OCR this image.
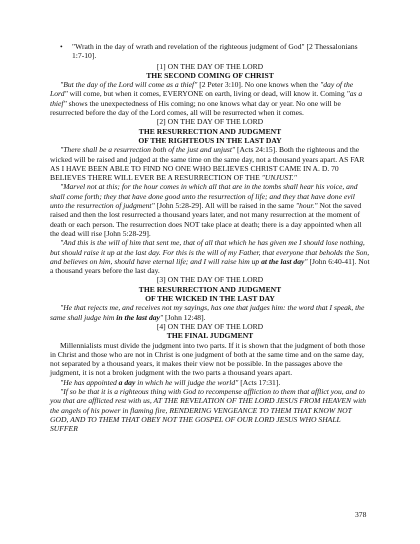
• "Wrath in the day of wrath and revelation of the righteous judgment of God" [2 Thessalonians 1:7-10].
[1] ON THE DAY OF THE LORD
THE SECOND COMING OF CHRIST

"But the day of the Lord will come as a thief" [2 Peter 3:10]. No one knows when the "day of the Lord" will come, but when it comes, EVERYONE on earth, living or dead, will know it. Coming "as a thief" shows the unexpectedness of His coming; no one knows what day or year. No one will be resurrected before the day of the Lord comes, all will be resurrected when it comes.

[2] ON THE DAY OF THE LORD
THE RESURRECTION AND JUDGMENT
OF THE RIGHTEOUS IN THE LAST DAY

"There shall be a resurrection both of the just and unjust" [Acts 24:15]. Both the righteous and the wicked will be raised and judged at the same time on the same day, not a thousand years apart. AS FAR AS I HAVE BEEN ABLE TO FIND NO ONE WHO BELIEVES CHRIST CAME IN A. D. 70 BELIEVES THERE WILL EVER BE A RESURRECTION OF THE "UNJUST."

"Marvel not at this; for the hour comes in which all that are in the tombs shall hear his voice, and shall come forth; they that have done good unto the resurrection of life; and they that have done evil unto the resurrection of judgment" [John 5:28-29]. All will be raised in the same "hour." Not the saved raised and then the lost resurrected a thousand years later, and not many resurrection at the moment of death or each person. The resurrection does NOT take place at death; there is a day appointed when all the dead will rise [John 5:28-29].

"And this is the will of him that sent me, that of all that which he has given me I should lose nothing, but should raise it up at the last day. For this is the will of my Father, that everyone that beholds the Son, and believes on him, should have eternal life; and I will raise him up at the last day" [John 6:40-41]. Not a thousand years before the last day.

[3] ON THE DAY OF THE LORD
THE RESURRECTION AND JUDGMENT
OF THE WICKED IN THE LAST DAY

"He that rejects me, and receives not my sayings, has one that judges him: the word that I speak, the same shall judge him in the last day" [John 12:48].

[4] ON THE DAY OF THE LORD
THE FINAL JUDGMENT

Millennialists must divide the judgment into two parts. If it is shown that the judgment of both those in Christ and those who are not in Christ is one judgment of both at the same time and on the same day, not separated by a thousand years, it makes their view not be possible. In the passages above the judgment, it is not a broken judgment with the two parts a thousand years apart.

"He has appointed a day in which he will judge the world" [Acts 17:31].

"If so be that it is a righteous thing with God to recompense affliction to them that afflict you, and to you that are afflicted rest with us, AT THE REVELATION OF THE LORD JESUS FROM HEAVEN with the angels of his power in flaming fire, RENDERING VENGEANCE TO THEM THAT KNOW NOT GOD, AND TO THEM THAT OBEY NOT THE GOSPEL OF OUR LORD JESUS WHO SHALL SUFFER

378
